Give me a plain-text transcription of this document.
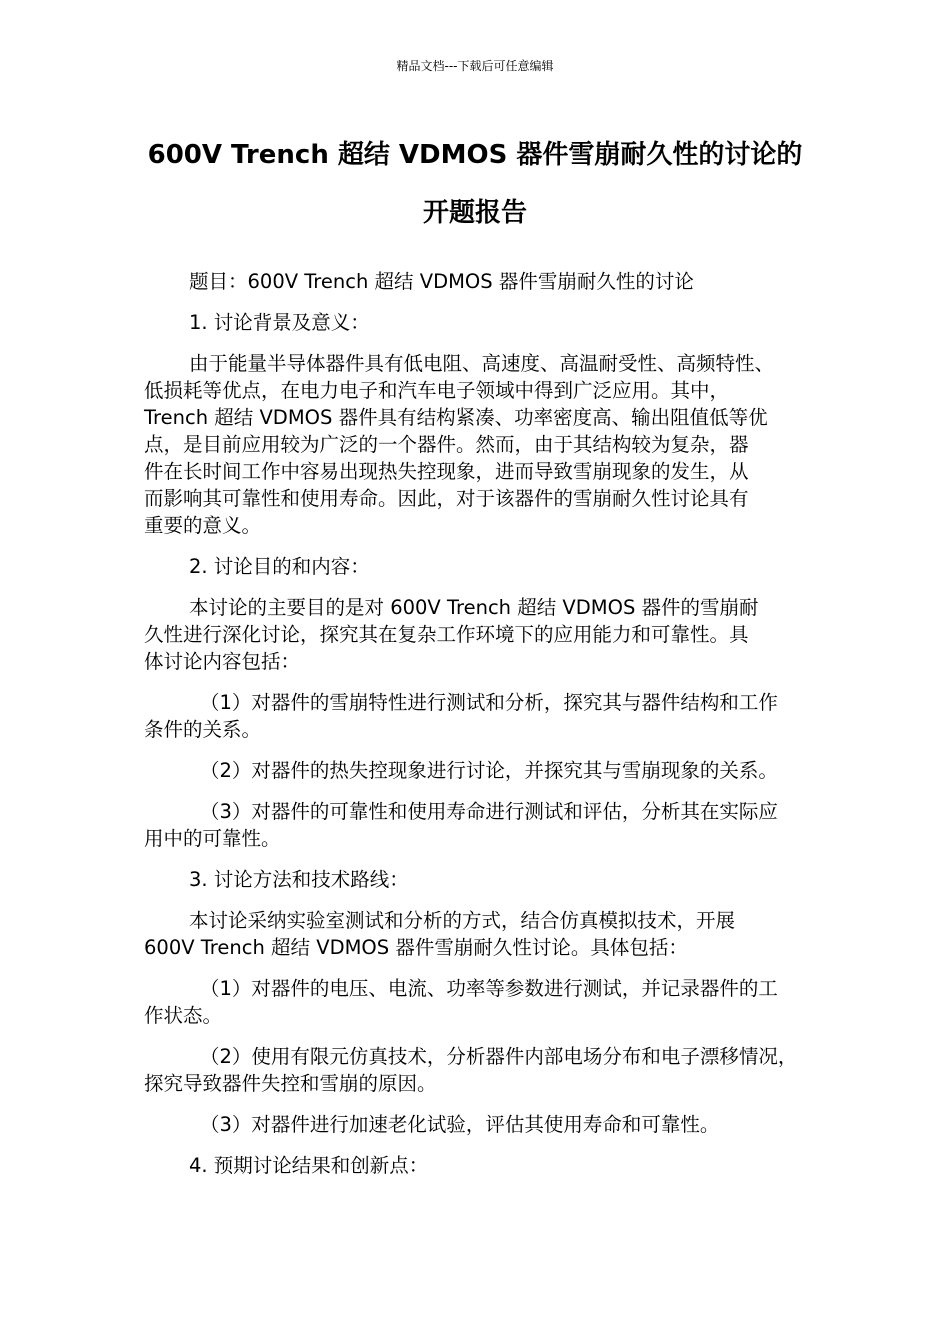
精品文档---下载后可任意编辑
600V Trench 超结 VDMOS 器件雪崩耐久性的讨论的
开题报告

题目：600V Trench 超结 VDMOS 器件雪崩耐久性的讨论

1. 讨论背景及意义：

由于能量半导体器件具有低电阻、高速度、高温耐受性、高频特性、
低损耗等优点，在电力电子和汽车电子领域中得到广泛应用。其中，
Trench 超结 VDMOS 器件具有结构紧凑、功率密度高、输出阻值低等优
点，是目前应用较为广泛的一个器件。然而，由于其结构较为复杂，器
件在长时间工作中容易出现热失控现象，进而导致雪崩现象的发生，从
而影响其可靠性和使用寿命。因此，对于该器件的雪崩耐久性讨论具有
重要的意义。

2. 讨论目的和内容：

本讨论的主要目的是对 600V Trench 超结 VDMOS 器件的雪崩耐
久性进行深化讨论，探究其在复杂工作环境下的应用能力和可靠性。具
体讨论内容包括：

（1）对器件的雪崩特性进行测试和分析，探究其与器件结构和工作
条件的关系。

（2）对器件的热失控现象进行讨论，并探究其与雪崩现象的关系。

（3）对器件的可靠性和使用寿命进行测试和评估，分析其在实际应
用中的可靠性。

3. 讨论方法和技术路线：

本讨论采纳实验室测试和分析的方式，结合仿真模拟技术，开展
600V Trench 超结 VDMOS 器件雪崩耐久性讨论。具体包括：

（1）对器件的电压、电流、功率等参数进行测试，并记录器件的工
作状态。

（2）使用有限元仿真技术，分析器件内部电场分布和电子漂移情况，
探究导致器件失控和雪崩的原因。

（3）对器件进行加速老化试验，评估其使用寿命和可靠性。

4. 预期讨论结果和创新点：
